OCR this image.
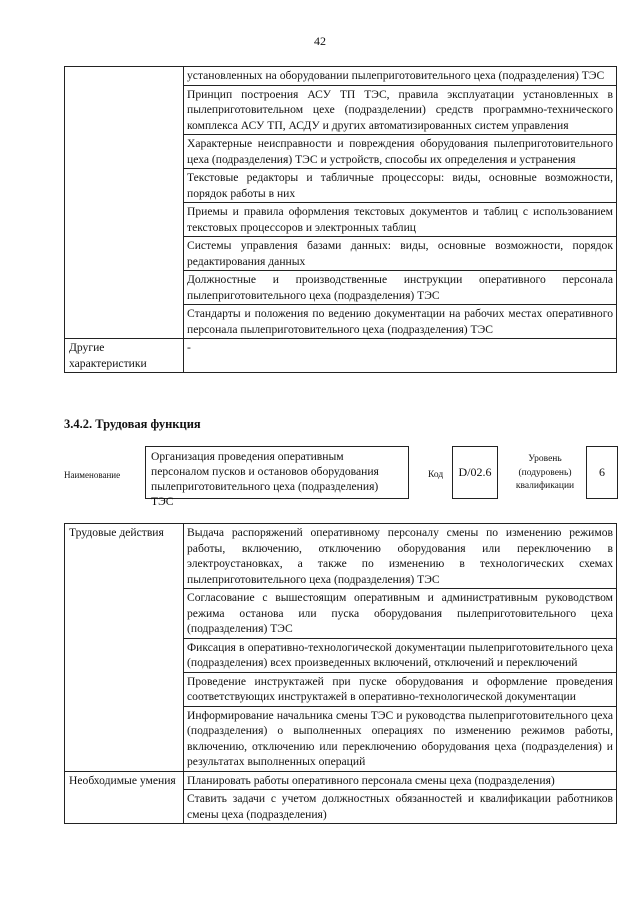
42
	установленных на оборудовании пылеприготовительного цеха (подразделения) ТЭС
	Принцип построения АСУ ТП ТЭС, правила эксплуатации установленных в пылеприготовительном цехе (подразделении) средств программно-технического комплекса АСУ ТП, АСДУ и других автоматизированных систем управления
	Характерные неисправности и повреждения оборудования пылеприготовительного цеха (подразделения) ТЭС и устройств, способы их определения и устранения
	Текстовые редакторы и табличные процессоры: виды, основные возможности, порядок работы в них
	Приемы и правила оформления текстовых документов и таблиц с использованием текстовых процессоров и электронных таблиц
	Системы управления базами данных: виды, основные возможности, порядок редактирования данных
	Должностные и производственные инструкции оперативного персонала пылеприготовительного цеха (подразделения) ТЭС
	Стандарты и положения по ведению документации на рабочих местах оперативного персонала пылеприготовительного цеха (подразделения) ТЭС
Другие характеристики	-
3.4.2. Трудовая функция
Наименование
Организация проведения оперативным персоналом пусков и остановов оборудования пылеприготовительного цеха (подразделения) ТЭС
Код	D/02.6
Уровень (подуровень) квалификации
6
Трудовые действия	Выдача распоряжений оперативному персоналу смены по изменению режимов работы, включению, отключению оборудования или переключению в электроустановках, а также по изменению в технологических схемах пылеприготовительного цеха (подразделения) ТЭС
	Согласование с вышестоящим оперативным и административным руководством режима останова или пуска оборудования пылеприготовительного цеха (подразделения) ТЭС
	Фиксация в оперативно-технологической документации пылеприготовительного цеха (подразделения) всех произведенных включений, отключений и переключений
	Проведение инструктажей при пуске оборудования и оформление проведения соответствующих инструктажей в оперативно-технологической документации
	Информирование начальника смены ТЭС и руководства пылеприготовительного цеха (подразделения) о выполненных операциях по изменению режимов работы, включению, отключению или переключению оборудования цеха (подразделения) и результатах выполненных операций
Необходимые умения	Планировать работы оперативного персонала смены цеха (подразделения)
	Ставить задачи с учетом должностных обязанностей и квалификации работников смены цеха (подразделения)
